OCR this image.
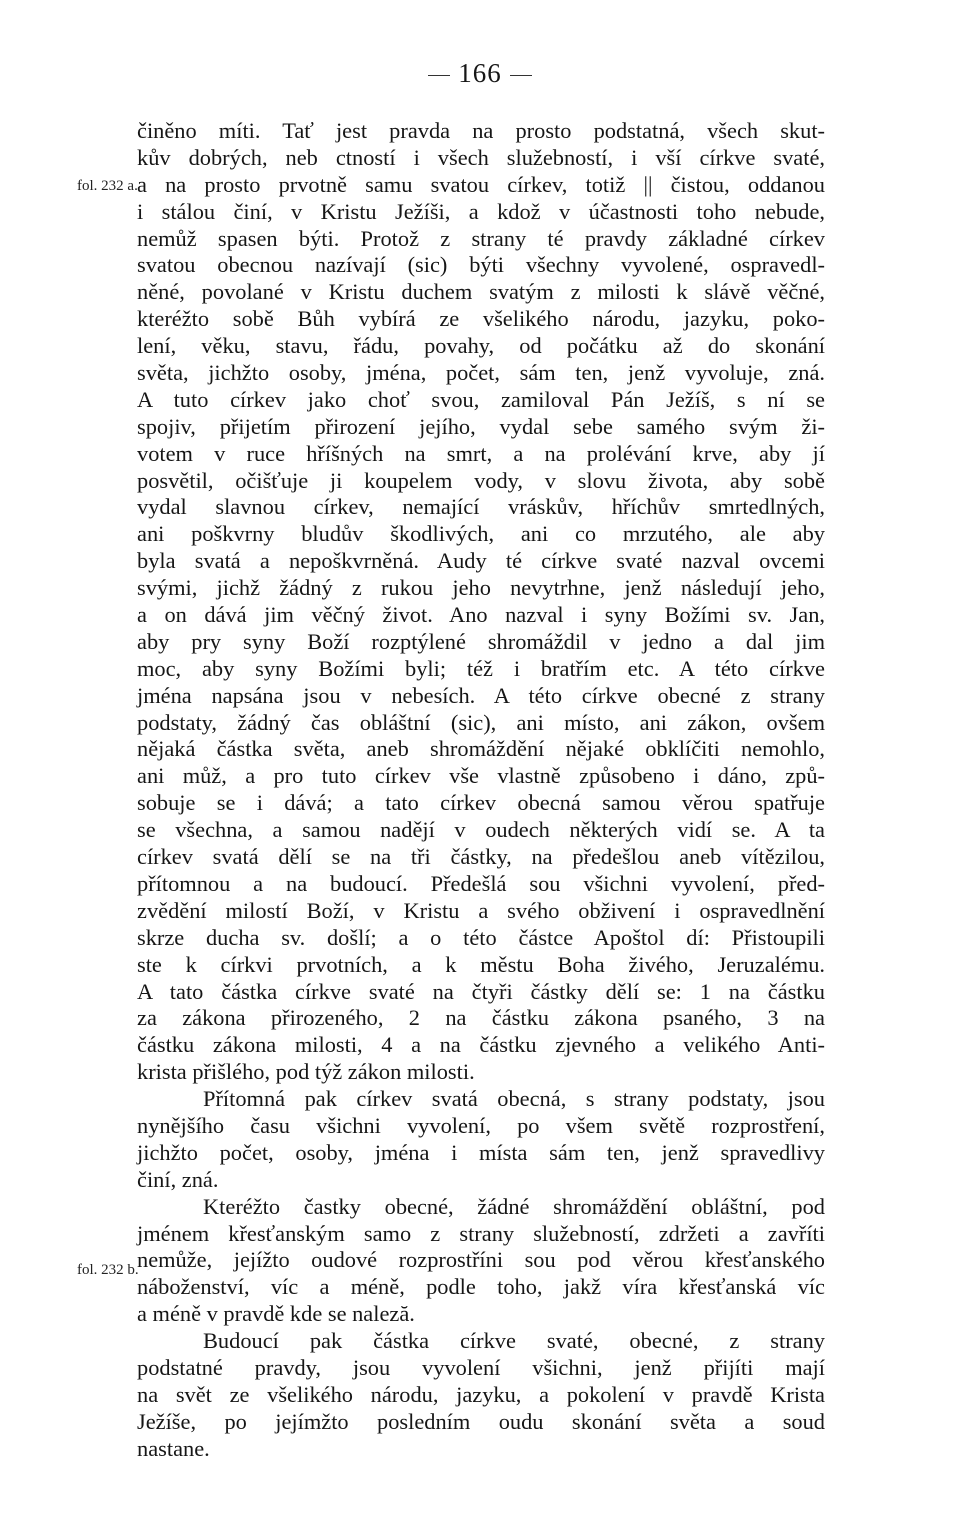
166
fol. 232 a.
fol. 232 b.
činěno míti. Tať jest pravda na prosto podstatná, všech skut-
kův dobrých, neb ctností i všech služebností, i vší církve svaté,
a na prosto prvotně samu svatou církev, totiž || čistou, oddanou
i stálou činí, v Kristu Ježíši, a kdož v účastnosti toho nebude,
nemůž spasen býti. Protož z strany té pravdy základné církev
svatou obecnou nazívají (sic) býti všechny vyvolené, ospravedl-
něné, povolané v Kristu duchem svatým z milosti k slávě věčné,
kteréžto sobě Bůh vybírá ze všelikého národu, jazyku, poko-
lení, věku, stavu, řádu, povahy, od počátku až do skonání
světa, jichžto osoby, jména, počet, sám ten, jenž vyvoluje, zná.
A tuto církev jako choť svou, zamiloval Pán Ježíš, s ní se
spojiv, přijetím přirození jejího, vydal sebe samého svým ži-
votem v ruce hříšných na smrt, a na prolévání krve, aby jí
posvětil, očišťuje ji koupelem vody, v slovu života, aby sobě
vydal slavnou církev, nemající vráskův, hříchův smrtedlných,
ani poškvrny bludův škodlivých, ani co mrzutého, ale aby
byla svatá a nepoškvrněná. Audy té církve svaté nazval ovcemi
svými, jichž žádný z rukou jeho nevytrhne, jenž následují jeho,
a on dává jim věčný život. Ano nazval i syny Božími sv. Jan,
aby pry syny Boží rozptýlené shromáždil v jedno a dal jim
moc, aby syny Božími byli; též i bratřím etc. A této církve
jména napsána jsou v nebesích. A této církve obecné z strany
podstaty, žádný čas obláštní (sic), ani místo, ani zákon, ovšem
nějaká částka světa, aneb shromáždění nějaké obklíčiti nemohlo,
ani můž, a pro tuto církev vše vlastně způsobeno i dáno, způ-
sobuje se i dává; a tato církev obecná samou věrou spatřuje
se všechna, a samou nadějí v oudech některých vidí se. A ta
církev svatá dělí se na tři částky, na předešlou aneb vítězilou,
přítomnou a na budoucí. Předešlá sou všichni vyvolení, před-
zvědění milostí Boží, v Kristu a svého obživení i ospravedlnění
skrze ducha sv. došlí; a o této částce Apoštol dí: Přistoupili
ste k církvi prvotních, a k městu Boha živého, Jeruzalému.
A tato částka církve svaté na čtyři částky dělí se: 1 na částku
za zákona přirozeného, 2 na částku zákona psaného, 3 na
částku zákona milosti, 4 a na částku zjevného a velikého Anti-
krista přišlého, pod týž zákon milosti.
Přítomná pak církev svatá obecná, s strany podstaty, jsou
nynějšího času všichni vyvolení, po všem světě rozprostření,
jichžto počet, osoby, jména i místa sám ten, jenž spravedlivy
činí, zná.
Kteréžto častky obecné, žádné shromáždění obláštní, pod
jménem křesťanským samo z strany služebností, zdržeti a zavříti
nemůže, jejížto oudové rozprostříni sou pod věrou křesťanského
náboženství, víc a méně, podle toho, jakž víra křesťanská víc
a méně v pravdě kde se naleză.
Budoucí pak částka církve svaté, obecné, z strany
podstatné pravdy, jsou vyvolení všichni, jenž přijíti mají
na svět ze všelikého národu, jazyku, a pokolení v pravdě Krista
Ježíše, po jejímžto posledním oudu skonání světa a soud
nastane.
